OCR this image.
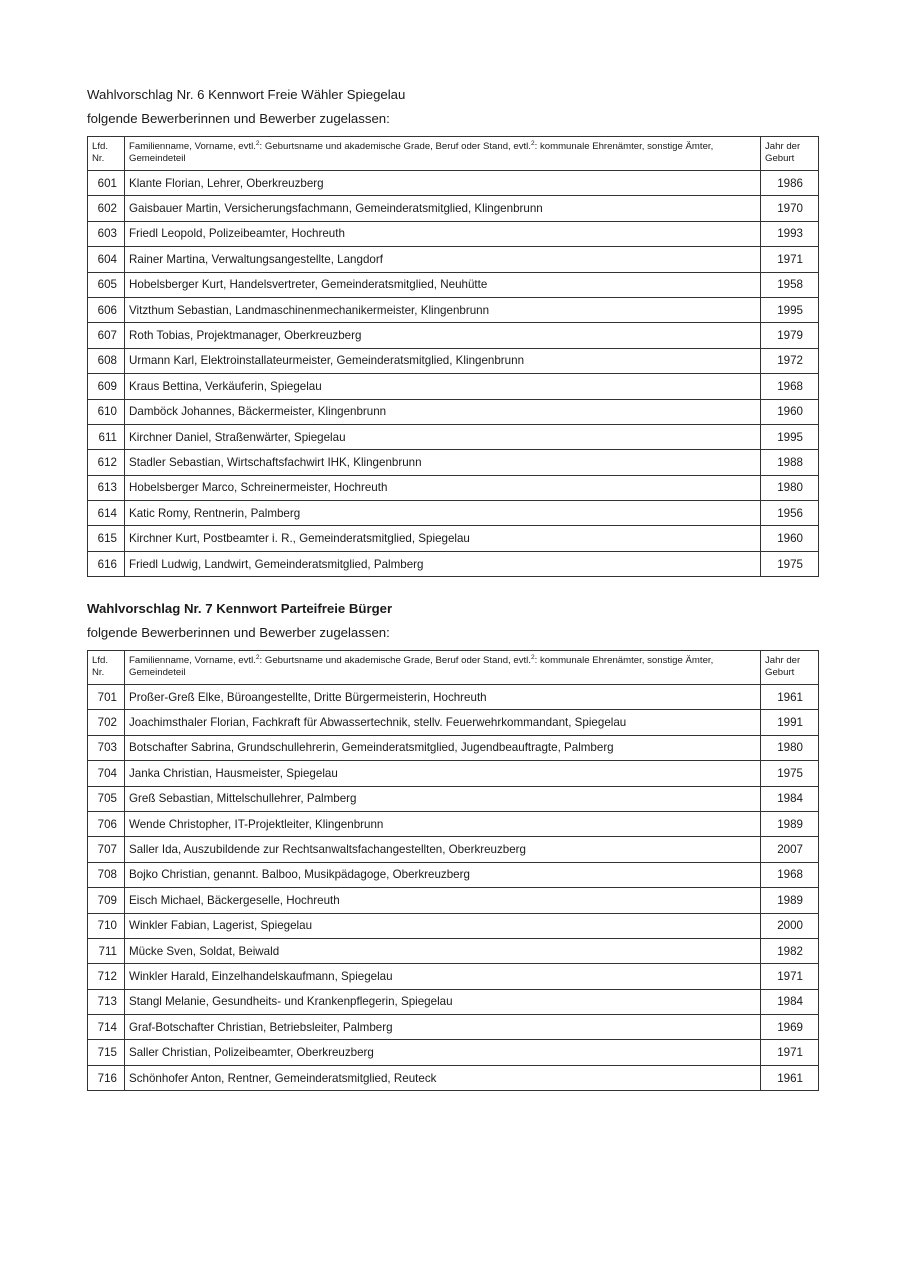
Wahlvorschlag Nr. 6 Kennwort Freie Wähler Spiegelau
folgende Bewerberinnen und Bewerber zugelassen:
Lfd. Nr.	Familienname, Vorname, evtl.$^2$: Geburtsname und akademische Grade, Beruf oder Stand, evtl.$^2$: kommunale Ehrenämter, sonstige Ämter, Gemeindeteil	Jahr der Geburt
601	Klante Florian, Lehrer, Oberkreuzberg	1986
602	Gaisbauer Martin, Versicherungsfachmann, Gemeinderatsmitglied, Klingenbrunn	1970
603	Friedl Leopold, Polizeibeamter, Hochreuth	1993
604	Rainer Martina, Verwaltungsangestellte, Langdorf	1971
605	Hobelsberger Kurt, Handelsvertreter, Gemeinderatsmitglied, Neuhütte	1958
606	Vitzthum Sebastian, Landmaschinenmechanikermeister, Klingenbrunn	1995
607	Roth Tobias, Projektmanager, Oberkreuzberg	1979
608	Urmann Karl, Elektroinstallateurmeister, Gemeinderatsmitglied, Klingenbrunn	1972
609	Kraus Bettina, Verkäuferin, Spiegelau	1968
610	Damböck Johannes, Bäckermeister, Klingenbrunn	1960
611	Kirchner Daniel, Straßenwärter, Spiegelau	1995
612	Stadler Sebastian, Wirtschaftsfachwirt IHK, Klingenbrunn	1988
613	Hobelsberger Marco, Schreinermeister, Hochreuth	1980
614	Katic Romy, Rentnerin, Palmberg	1956
615	Kirchner Kurt, Postbeamter i. R., Gemeinderatsmitglied, Spiegelau	1960
616	Friedl Ludwig, Landwirt, Gemeinderatsmitglied, Palmberg	1975
Wahlvorschlag Nr. 7 Kennwort Parteifreie Bürger
folgende Bewerberinnen und Bewerber zugelassen:
Lfd. Nr.	Familienname, Vorname, evtl.$^2$: Geburtsname und akademische Grade, Beruf oder Stand, evtl.$^2$: kommunale Ehrenämter, sonstige Ämter, Gemeindeteil	Jahr der Geburt
701	Proßer-Greß Elke, Büroangestellte, Dritte Bürgermeisterin, Hochreuth	1961
702	Joachimsthaler Florian, Fachkraft für Abwassertechnik, stellv. Feuerwehrkommandant, Spiegelau	1991
703	Botschafter Sabrina, Grundschullehrerin, Gemeinderatsmitglied, Jugendbeauftragte, Palmberg	1980
704	Janka Christian, Hausmeister, Spiegelau	1975
705	Greß Sebastian, Mittelschullehrer, Palmberg	1984
706	Wende Christopher, IT-Projektleiter, Klingenbrunn	1989
707	Saller Ida, Auszubildende zur Rechtsanwaltsfachangestellten, Oberkreuzberg	2007
708	Bojko Christian, genannt. Balboo, Musikpädagoge, Oberkreuzberg	1968
709	Eisch Michael, Bäckergeselle, Hochreuth	1989
710	Winkler Fabian, Lagerist, Spiegelau	2000
711	Mücke Sven, Soldat, Beiwald	1982
712	Winkler Harald, Einzelhandelskaufmann, Spiegelau	1971
713	Stangl Melanie, Gesundheits- und Krankenpflegerin, Spiegelau	1984
714	Graf-Botschafter Christian, Betriebsleiter, Palmberg	1969
715	Saller Christian, Polizeibeamter, Oberkreuzberg	1971
716	Schönhofer Anton, Rentner, Gemeinderatsmitglied, Reuteck	1961
